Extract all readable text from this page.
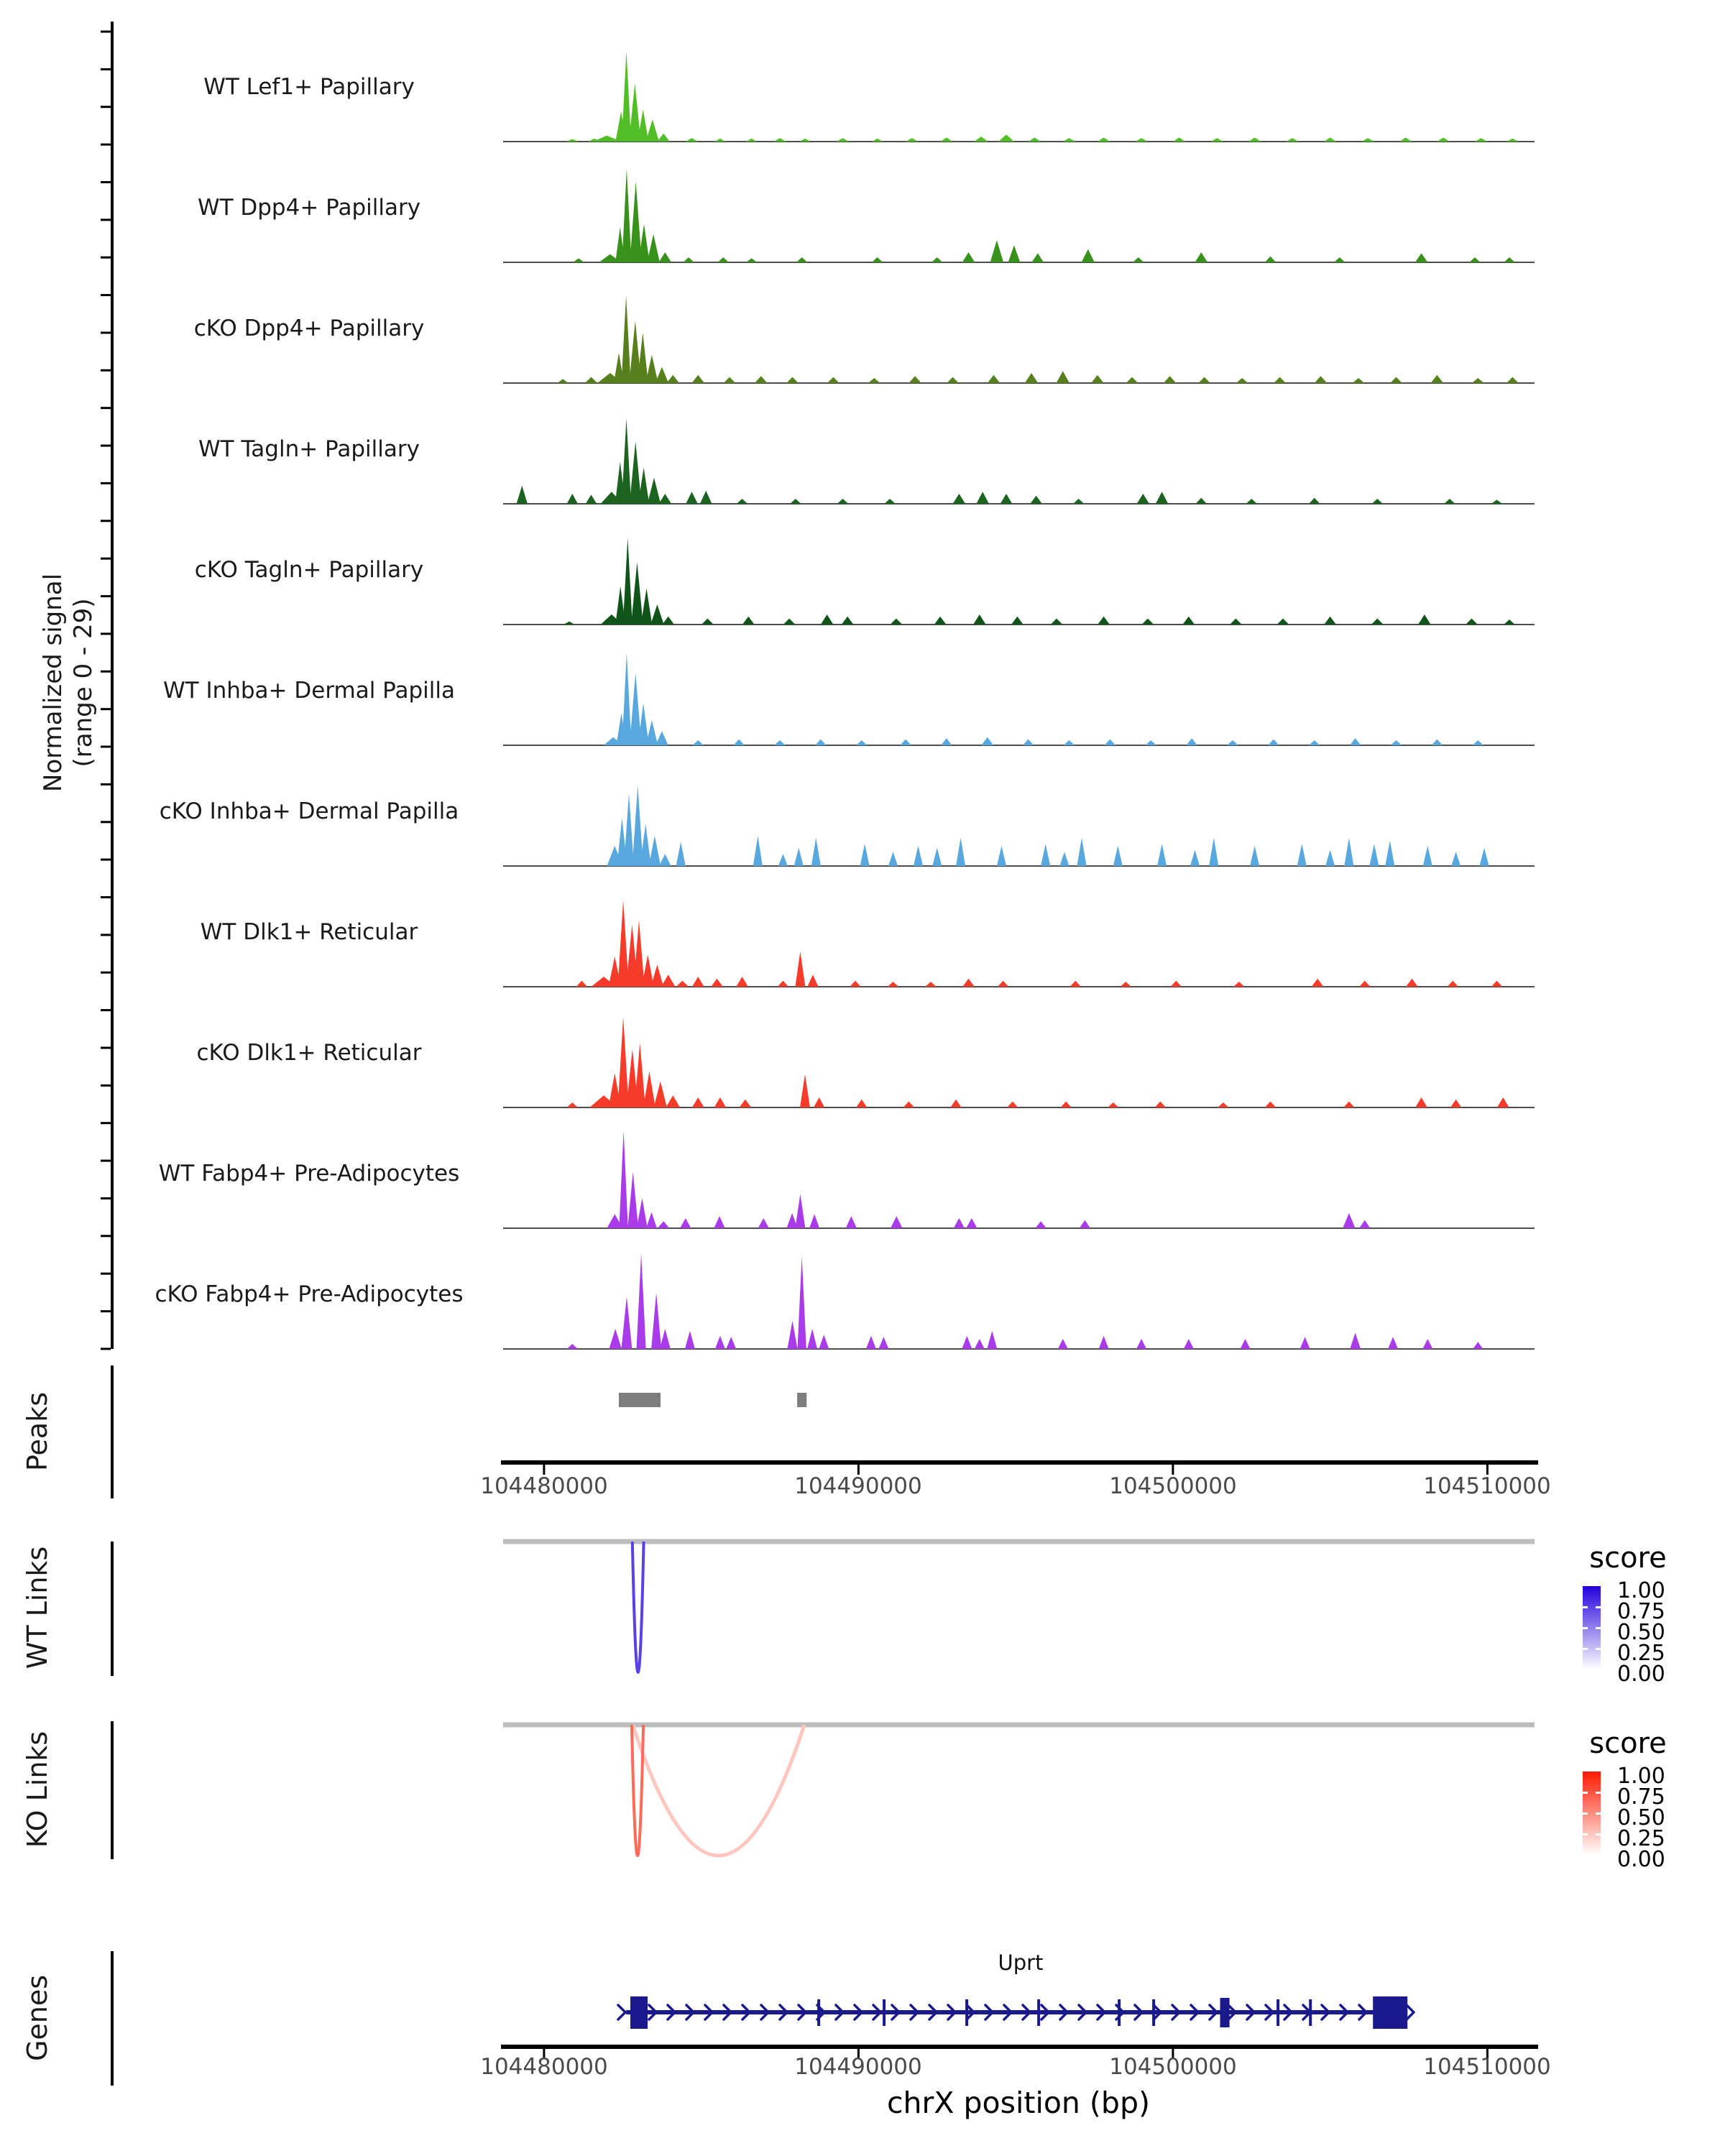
Normalized signal (range 0 - 29)
WT Lef1+ Papillary
WT Dpp4+ Papillary
cKO Dpp4+ Papillary
WT Tagln+ Papillary
cKO Tagln+ Papillary
WT Inhba+ Dermal Papilla
cKO Inhba+ Dermal Papilla
WT Dlk1+ Reticular
cKO Dlk1+ Reticular
WT Fabp4+ Pre-Adipocytes
cKO Fabp4+ Pre-Adipocytes
Peaks
WT Links
KO Links
Genes
104480000	104490000	104500000	104510000
104480000	104490000	104500000	104510000
Uprt
chrX position (bp)
score
1.00
0.75
0.50
0.25
0.00
score
1.00
0.75
0.50
0.25
0.00
